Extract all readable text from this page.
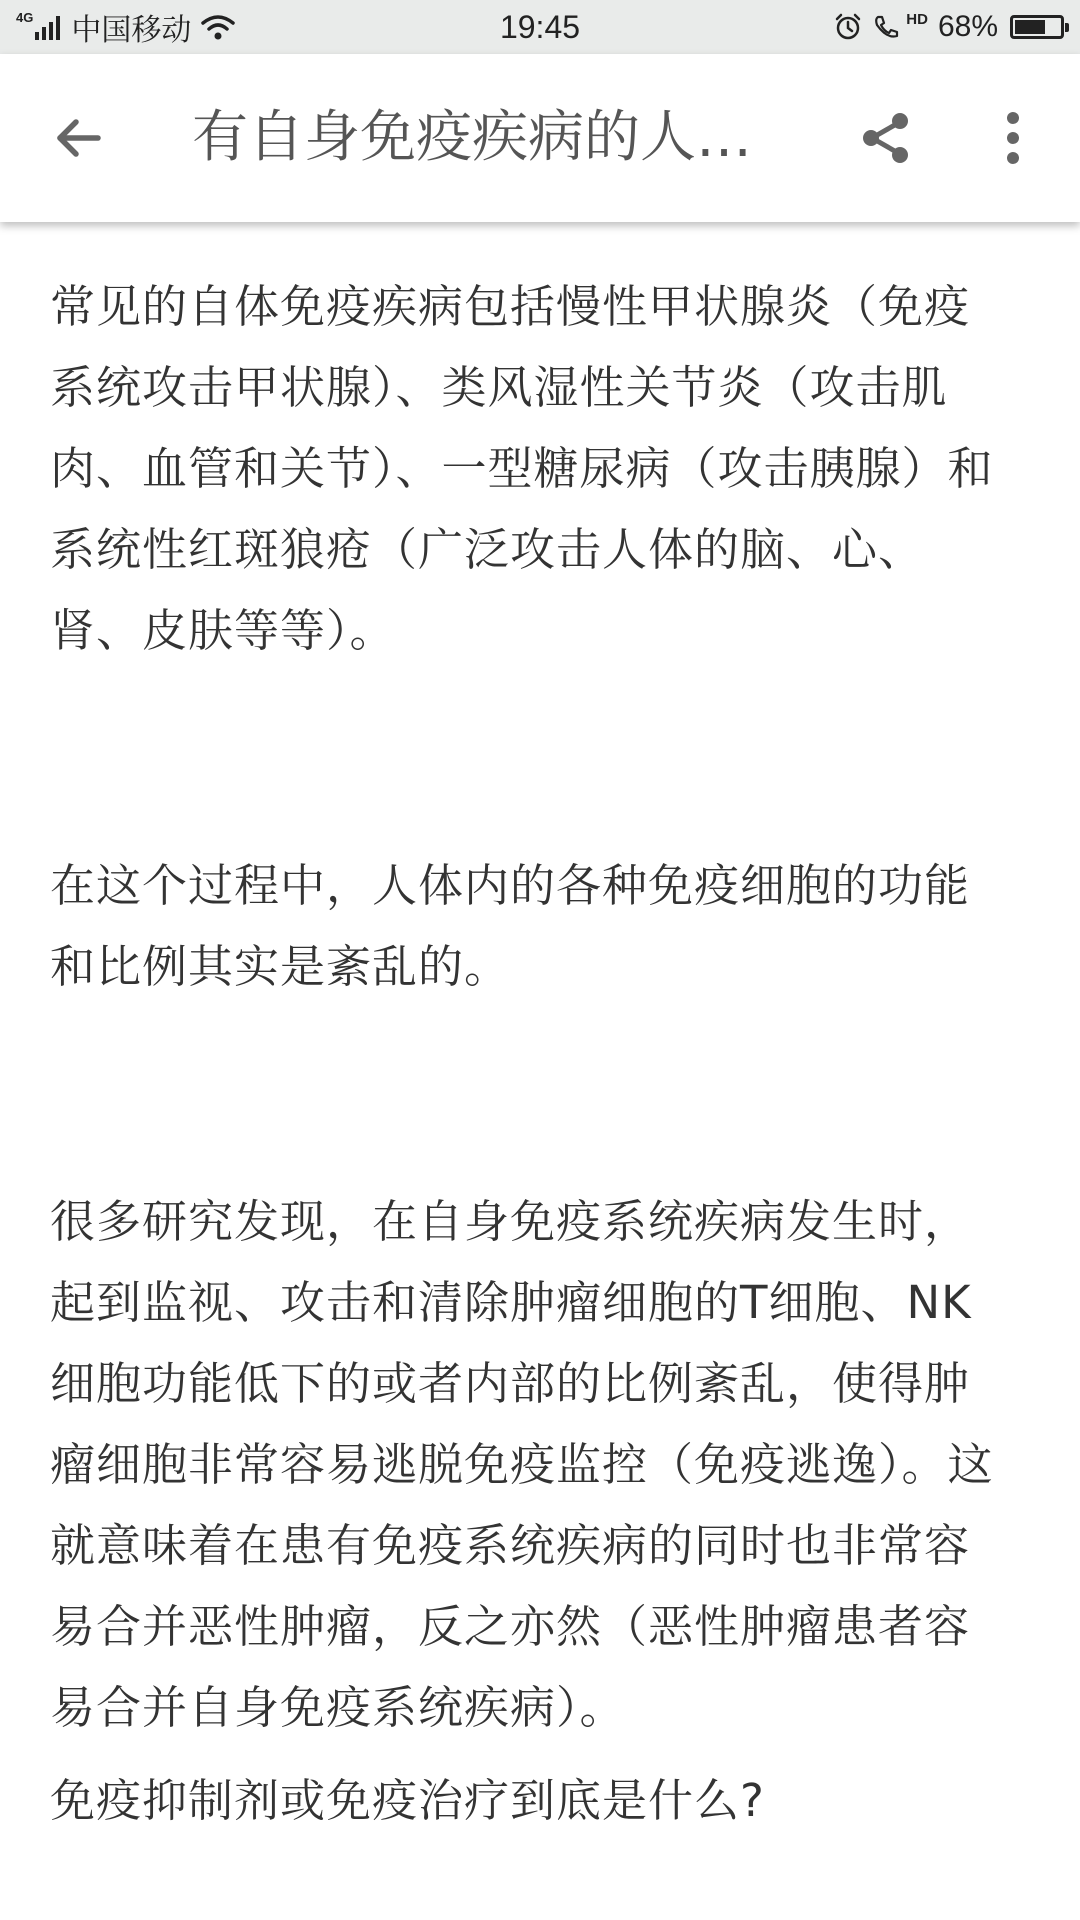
4G 中国移动	19:45	HD 68%
有自身免疫疾病的人…

常见的自体免疫疾病包括慢性甲状腺炎（免疫系统攻击甲状腺）、类风湿性关节炎（攻击肌肉、血管和关节）、一型糖尿病（攻击胰腺）和系统性红斑狼疮（广泛攻击人体的脑、心、肾、皮肤等等）。

在这个过程中，人体内的各种免疫细胞的功能和比例其实是紊乱的。

很多研究发现，在自身免疫系统疾病发生时，起到监视、攻击和清除肿瘤细胞的T细胞、NK细胞功能低下的或者内部的比例紊乱，使得肿瘤细胞非常容易逃脱免疫监控（免疫逃逸）。这就意味着在患有免疫系统疾病的同时也非常容易合并恶性肿瘤，反之亦然（恶性肿瘤患者容易合并自身免疫系统疾病）。

免疫抑制剂或免疫治疗到底是什么?
